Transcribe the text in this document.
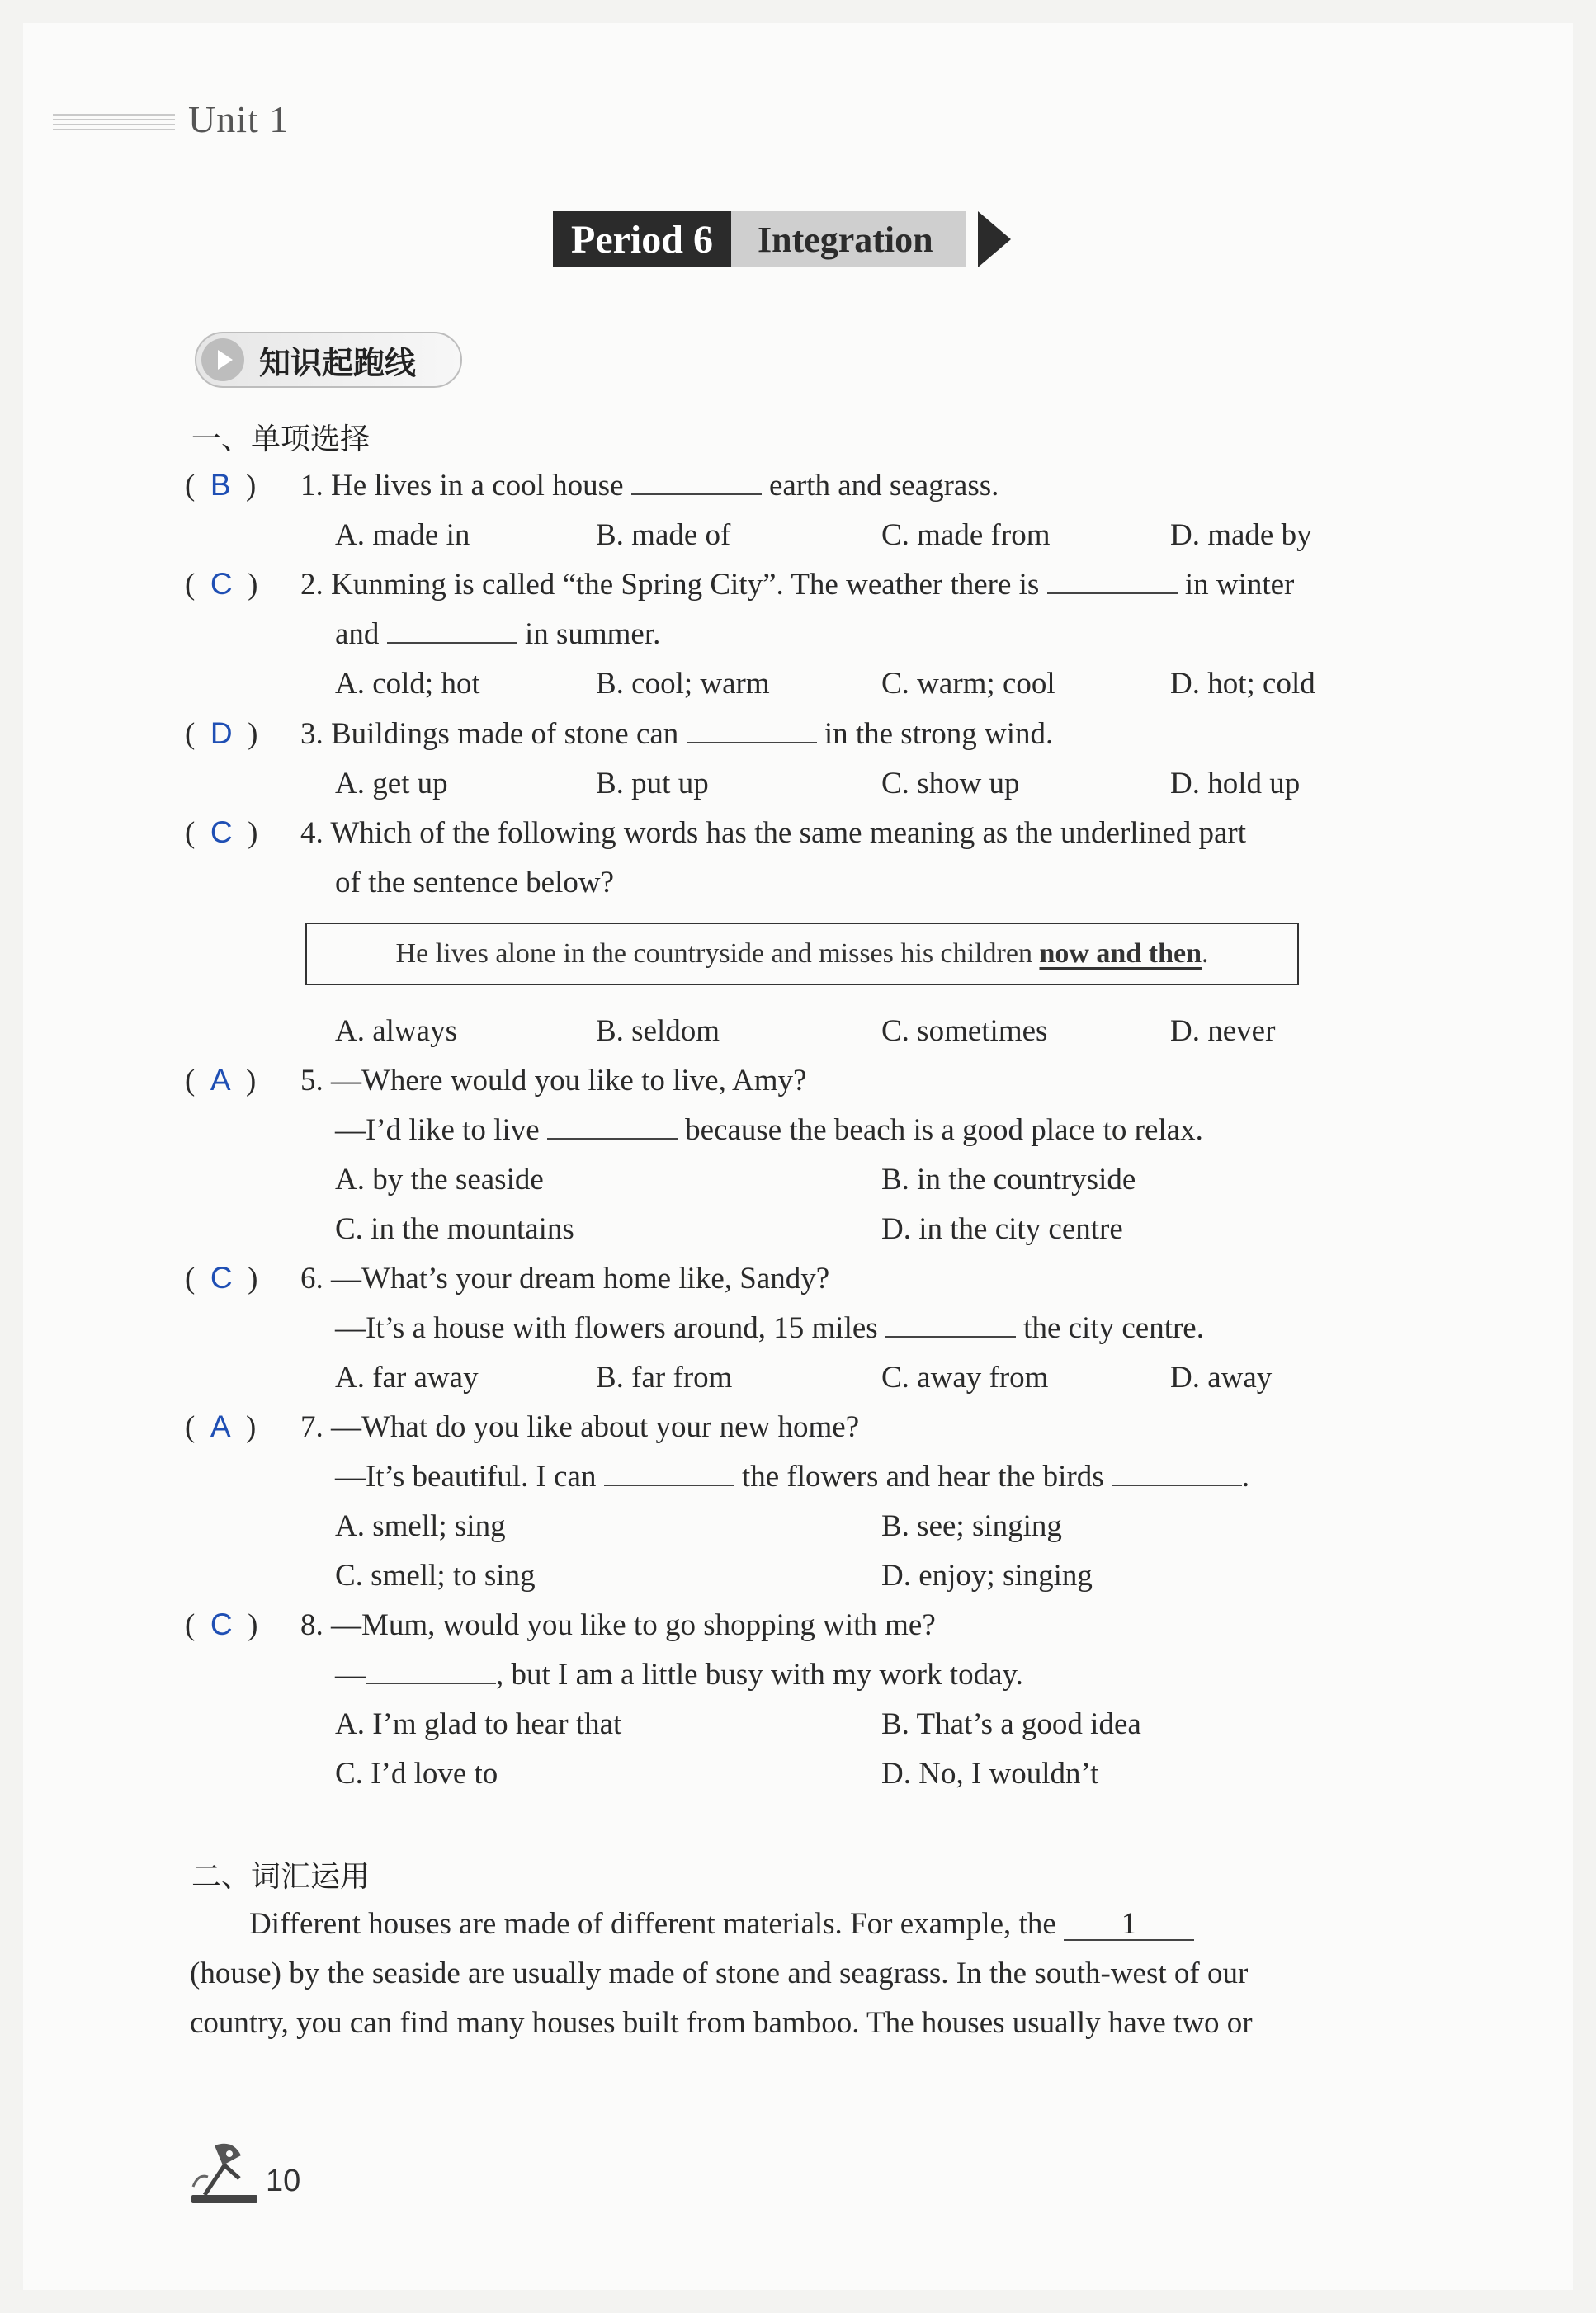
Unit 1
Period 6	Integration
知识起跑线
一、单项选择
(  B  ) 1. He lives in a cool house	earth and seagrass.
A. made in	B. made of	C. made from	D. made by
(  C  ) 2. Kunming is called “the Spring City”. The weather there is	in winter
and	in summer.
A. cold; hot	B. cool; warm	C. warm; cool	D. hot; cold
(  D  ) 3. Buildings made of stone can	in the strong wind.
A. get up	B. put up	C. show up	D. hold up
(  C  ) 4. Which of the following words has the same meaning as the underlined part
of the sentence below?
He lives alone in the countryside and misses his children now and then .
A. always	B. seldom	C. sometimes	D. never
(  A  ) 5. —Where would you like to live, Amy?
—I’d like to live	because the beach is a good place to relax.
A. by the seaside	B. in the countryside
C. in the mountains	D. in the city centre
(  C  ) 6. —What’s your dream home like, Sandy?
—It’s a house with flowers around, 15 miles	the city centre.
A. far away	B. far from	C. away from	D. away
(  A  ) 7. —What do you like about your new home?
—It’s beautiful. I can	the flowers and hear the birds	.
A. smell; sing	B. see; singing
C. smell; to sing	D. enjoy; singing
(  C  ) 8. —Mum, would you like to go shopping with me?
—	, but I am a little busy with my work today.
A. I’m glad to hear that	B. That’s a good idea
C. I’d love to	D. No, I wouldn’t
二、词汇运用
Different houses are made of different materials. For example, the 1
(house) by the seaside are usually made of stone and seagrass. In the south-west of our
country, you can find many houses built from bamboo. The houses usually have two or
10
